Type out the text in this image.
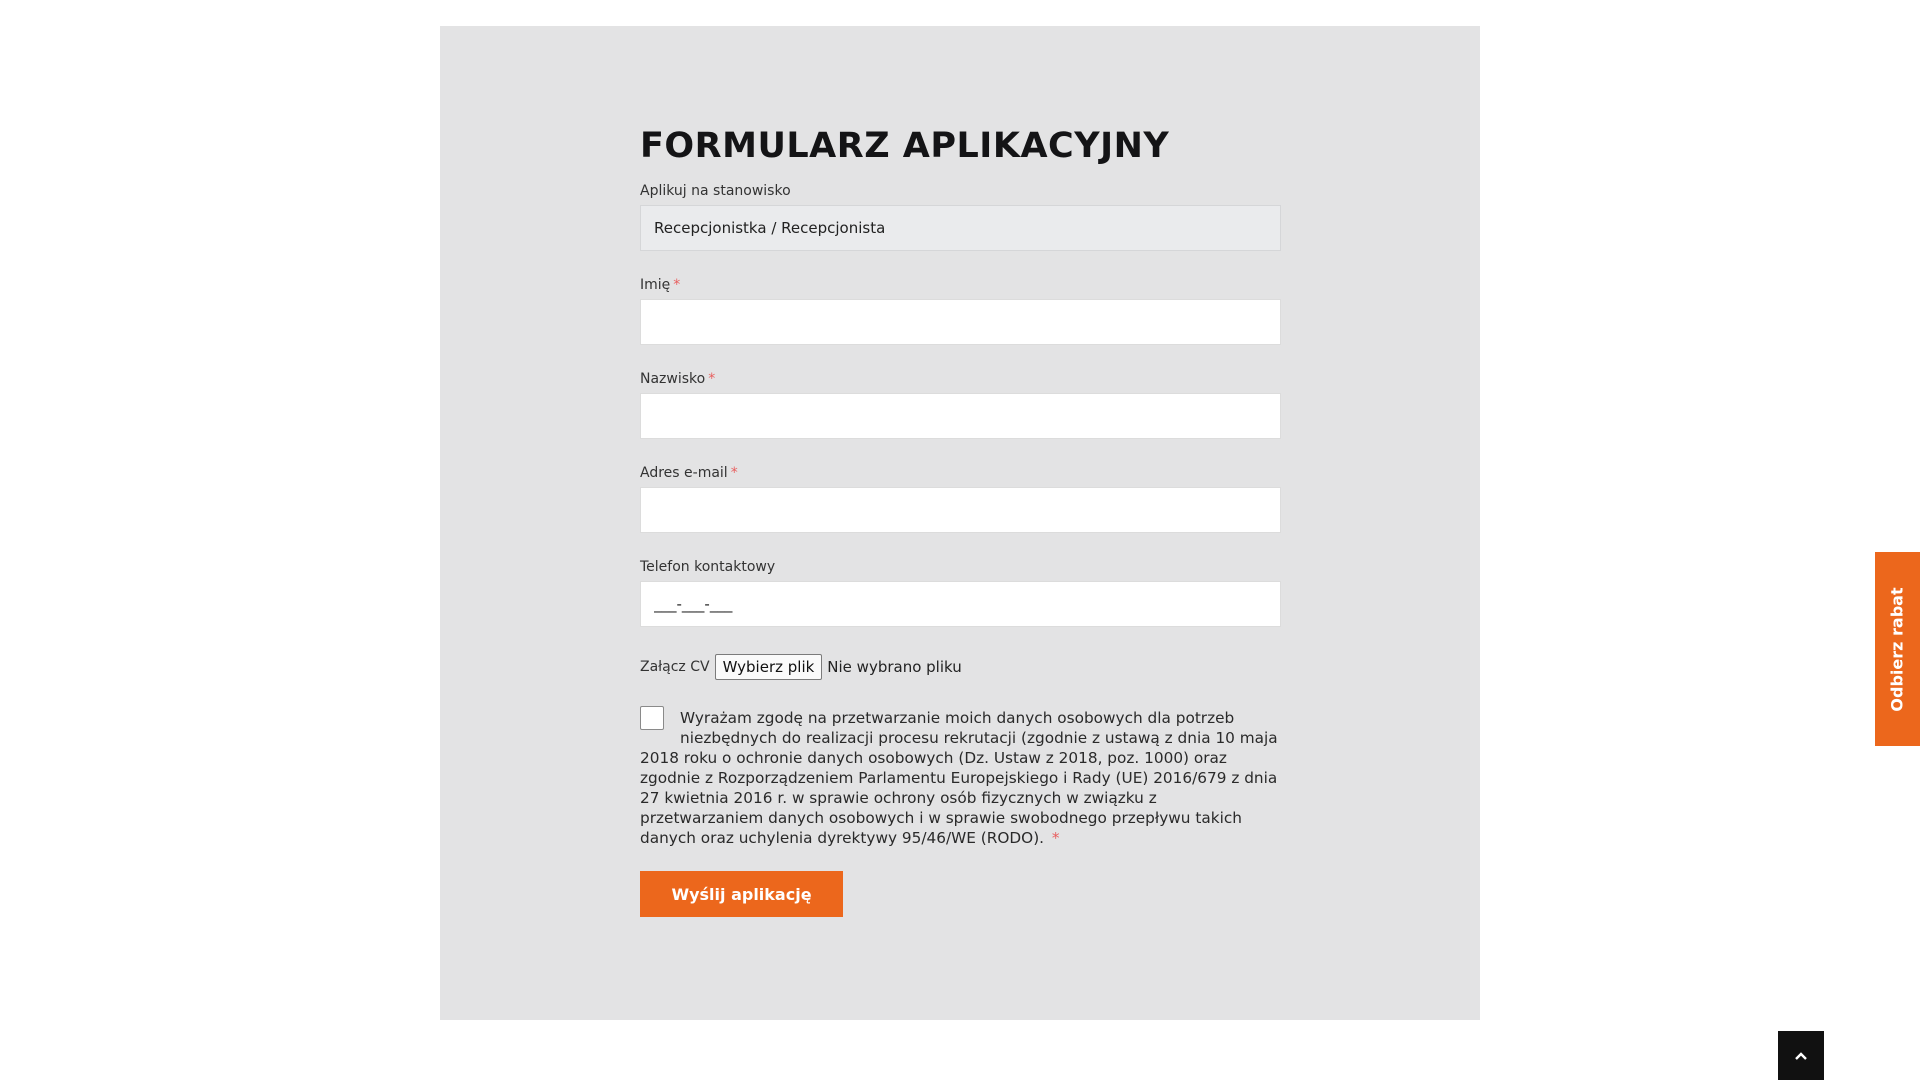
FORMULARZ APLIKACYJNY
Aplikuj na stanowisko
Recepcjonistka / Recepcjonista
Imię *
Nazwisko *
Adres e-mail *
Telefon kontaktowy
___-___-___
Załącz CV Wybierz plik Nie wybrano pliku
Wyrażam zgodę na przetwarzanie moich danych osobowych dla potrzeb niezbędnych do realizacji procesu rekrutacji (zgodnie z ustawą z dnia 10 maja 2018 roku o ochronie danych osobowych (Dz. Ustaw z 2018, poz. 1000) oraz zgodnie z Rozporządzeniem Parlamentu Europejskiego i Rady (UE) 2016/679 z dnia 27 kwietnia 2016 r. w sprawie ochrony osób fizycznych w związku z przetwarzaniem danych osobowych i w sprawie swobodnego przepływu takich danych oraz uchylenia dyrektywy 95/46/WE (RODO). *
Wyślij aplikację
Odbierz rabat
